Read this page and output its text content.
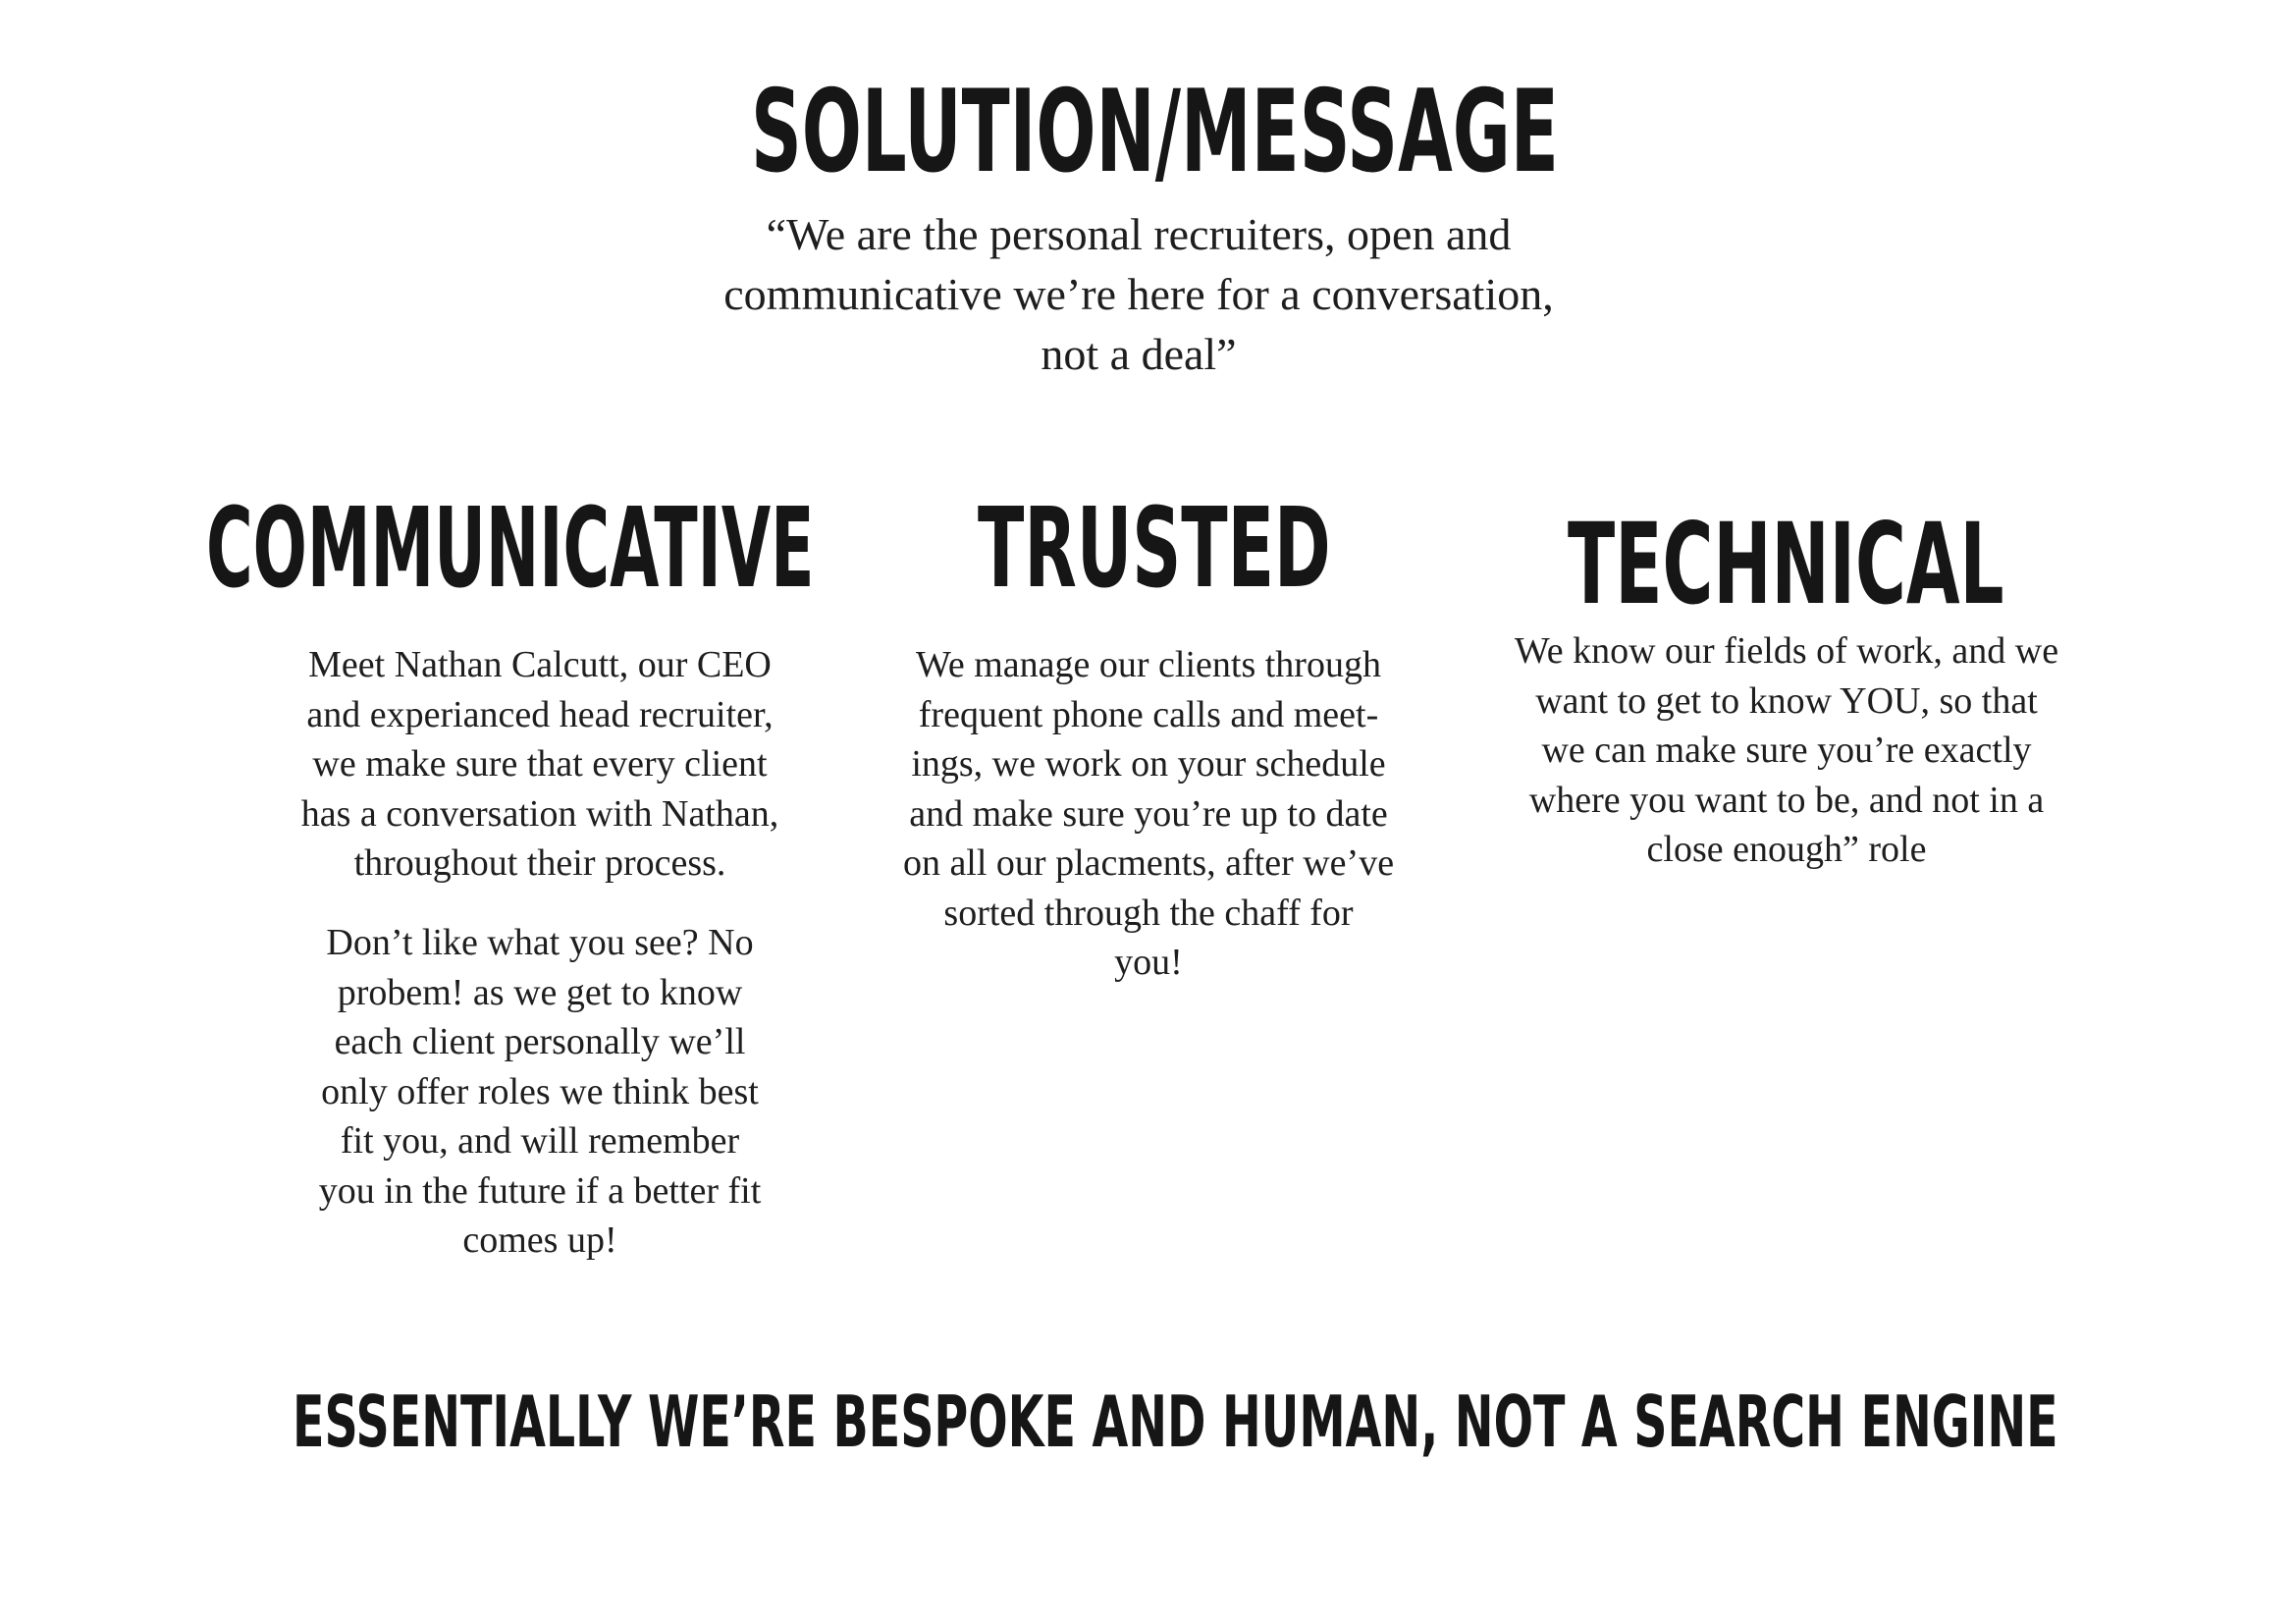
SOLUTION/MESSAGE

“We are the personal recruiters, open and
communicative we’re here for a conversation,
not a deal”

COMMUNICATIVE

Meet Nathan Calcutt, our CEO
and experianced head recruiter,
we make sure that every client
has a conversation with Nathan,
throughout their process.

Don’t like what you see? No
probem! as we get to know
each client personally we’ll
only offer roles we think best
fit you, and will remember
you in the future if a better fit
comes up!

TRUSTED

We manage our clients through
frequent phone calls and meet-
ings, we work on your schedule
and make sure you’re up to date
on all our placments, after we’ve
sorted through the chaff for
you!

TECHNICAL

We know our fields of work, and we
want to get to know YOU, so that
we can make sure you’re exactly
where you want to be, and not in a
close enough” role

ESSENTIALLY WE’RE BESPOKE AND HUMAN, NOT A SEARCH ENGINE
